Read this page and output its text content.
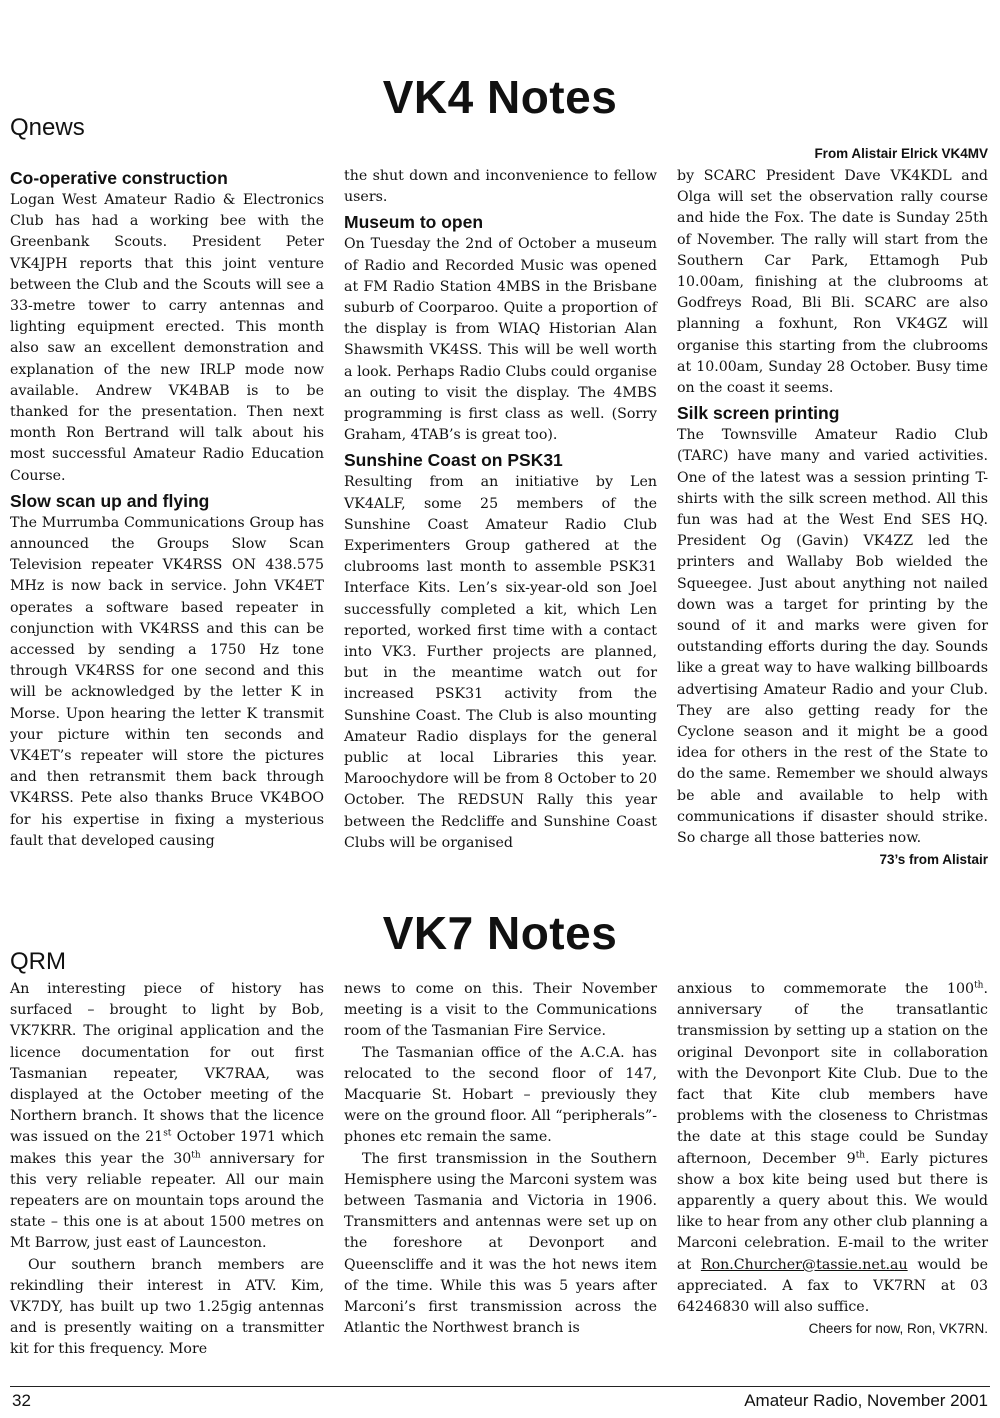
VK4 Notes
Qnews
From Alistair Elrick VK4MV
Co-operative construction

Logan West Amateur Radio & Electronics Club has had a working bee with the Greenbank Scouts. President Peter VK4JPH reports that this joint venture between the Club and the Scouts will see a 33-metre tower to carry antennas and lighting equipment erected. This month also saw an excellent demonstration and explanation of the new IRLP mode now available. Andrew VK4BAB is to be thanked for the presentation. Then next month Ron Bertrand will talk about his most successful Amateur Radio Education Course.

Slow scan up and flying

The Murrumba Communications Group has announced the Groups Slow Scan Television repeater VK4RSS ON 438.575 MHz is now back in service. John VK4ET operates a software based repeater in conjunction with VK4RSS and this can be accessed by sending a 1750 Hz tone through VK4RSS for one second and this will be acknowledged by the letter K in Morse. Upon hearing the letter K transmit your picture within ten seconds and VK4ET’s repeater will store the pictures and then retransmit them back through VK4RSS. Pete also thanks Bruce VK4BOO for his expertise in fixing a mysterious fault that developed causing

the shut down and inconvenience to fellow users.

Museum to open

On Tuesday the 2nd of October a museum of Radio and Recorded Music was opened at FM Radio Station 4MBS in the Brisbane suburb of Coorparoo. Quite a proportion of the display is from WIAQ Historian Alan Shawsmith VK4SS. This will be well worth a look. Perhaps Radio Clubs could organise an outing to visit the display. The 4MBS programming is first class as well. (Sorry Graham, 4TAB’s is great too).

Sunshine Coast on PSK31

Resulting from an initiative by Len VK4ALF, some 25 members of the Sunshine Coast Amateur Radio Club Experimenters Group gathered at the clubrooms last month to assemble PSK31 Interface Kits. Len’s six-year-old son Joel successfully completed a kit, which Len reported, worked first time with a contact into VK3. Further projects are planned, but in the meantime watch out for increased PSK31 activity from the Sunshine Coast. The Club is also mounting Amateur Radio displays for the general public at local Libraries this year. Maroochydore will be from 8 October to 20 October. The REDSUN Rally this year between the Redcliffe and Sunshine Coast Clubs will be organised

by SCARC President Dave VK4KDL and Olga will set the observation rally course and hide the Fox. The date is Sunday 25th of November. The rally will start from the Southern Car Park, Ettamogh Pub 10.00am, finishing at the clubrooms at Godfreys Road, Bli Bli. SCARC are also planning a foxhunt, Ron VK4GZ will organise this starting from the clubrooms at 10.00am, Sunday 28 October. Busy time on the coast it seems.

Silk screen printing

The Townsville Amateur Radio Club (TARC) have many and varied activities. One of the latest was a session printing T-shirts with the silk screen method. All this fun was had at the West End SES HQ. President Og (Gavin) VK4ZZ led the printers and Wallaby Bob wielded the Squeegee. Just about anything not nailed down was a target for printing by the sound of it and marks were given for outstanding efforts during the day. Sounds like a great way to have walking billboards advertising Amateur Radio and your Club. They are also getting ready for the Cyclone season and it might be a good idea for others in the rest of the State to do the same. Remember we should always be able and available to help with communications if disaster should strike. So charge all those batteries now.

73’s from Alistair
VK7 Notes
QRM

An interesting piece of history has surfaced – brought to light by Bob, VK7KRR. The original application and the licence documentation for out first Tasmanian repeater, VK7RAA, was displayed at the October meeting of the Northern branch. It shows that the licence was issued on the 21st October 1971 which makes this year the 30th anniversary for this very reliable repeater. All our main repeaters are on mountain tops around the state – this one is at about 1500 metres on Mt Barrow, just east of Launceston.

Our southern branch members are rekindling their interest in ATV. Kim, VK7DY, has built up two 1.25gig antennas and is presently waiting on a transmitter kit for this frequency. More

news to come on this. Their November meeting is a visit to the Communications room of the Tasmanian Fire Service.

The Tasmanian office of the A.C.A. has relocated to the second floor of 147, Macquarie St. Hobart – previously they were on the ground floor. All “peripherals”- phones etc remain the same.

The first transmission in the Southern Hemisphere using the Marconi system was between Tasmania and Victoria in 1906. Transmitters and antennas were set up on the foreshore at Devonport and Queenscliffe and it was the hot news item of the time. While this was 5 years after Marconi’s first transmission across the Atlantic the Northwest branch is

anxious to commemorate the 100th. anniversary of the transatlantic transmission by setting up a station on the original Devonport site in collaboration with the Devonport Kite Club. Due to the fact that Kite club members have problems with the closeness to Christmas the date at this stage could be Sunday afternoon, December 9th. Early pictures show a box kite being used but there is apparently a query about this. We would like to hear from any other club planning a Marconi celebration. E-mail to the writer at Ron.Churcher@tassie.net.au would be appreciated. A fax to VK7RN at 03 64246830 will also suffice.

Cheers for now, Ron, VK7RN.
32	Amateur Radio, November 2001
